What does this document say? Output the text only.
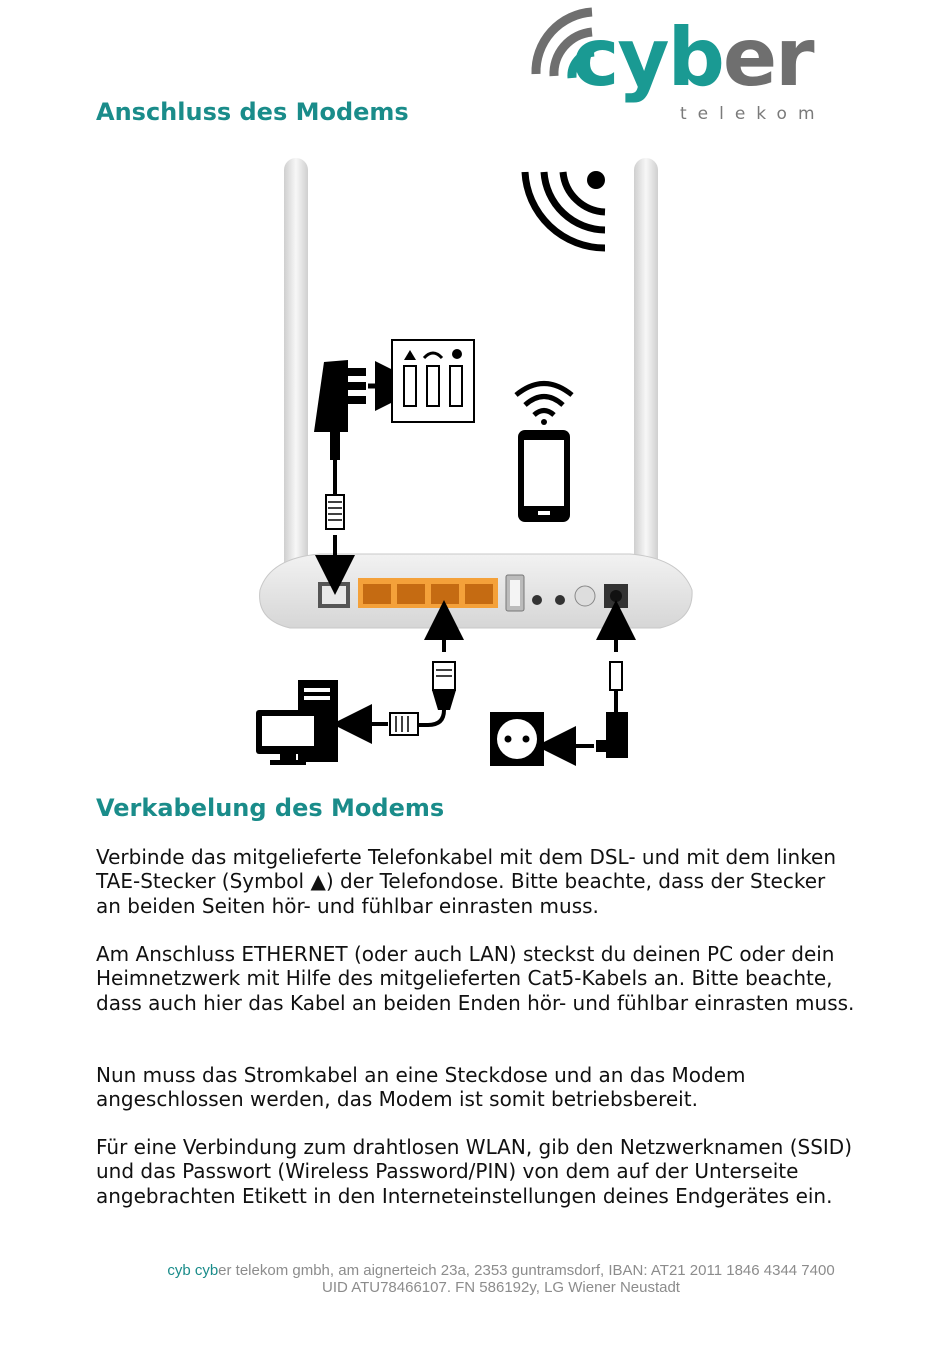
cyber
telekom
Anschluss des Modems
Verkabelung des Modems

Verbinde das mitgelieferte Telefonkabel mit dem DSL- und mit dem linken TAE-Stecker (Symbol ▲) der Telefondose. Bitte beachte, dass der Stecker an beiden Seiten hör- und fühlbar einrasten muss.

Am Anschluss ETHERNET (oder auch LAN) steckst du deinen PC oder dein Heimnetzwerk mit Hilfe des mitgelieferten Cat5-Kabels an. Bitte beachte, dass auch hier das Kabel an beiden Enden hör- und fühlbar einrasten muss.

Nun muss das Stromkabel an eine Steckdose und an das Modem angeschlossen werden, das Modem ist somit betriebsbereit.

Für eine Verbindung zum drahtlosen WLAN, gib den Netzwerknamen (SSID) und das Passwort (Wireless Password/PIN) von dem auf der Unterseite angebrachten Etikett in den Interneteinstellungen deines Endgerätes ein.

cyb cyber telekom gmbh, am aignerteich 23a, 2353 guntramsdorf, IBAN: AT21 2011 1846 4344 7400
UID ATU78466107. FN 586192y, LG Wiener Neustadt
